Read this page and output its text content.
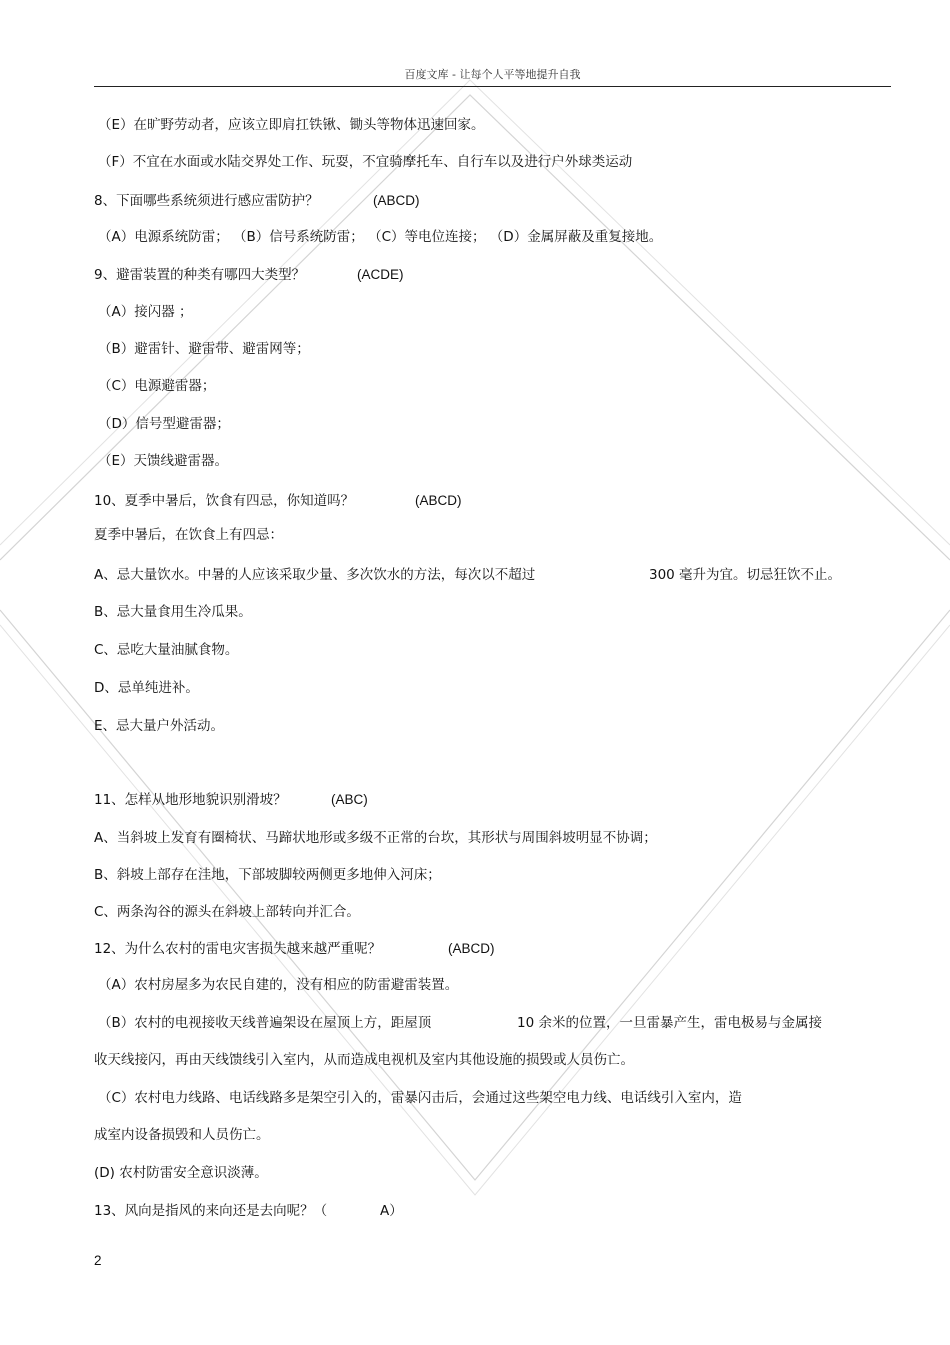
百度文库 - 让每个人平等地提升自我
（E）在旷野劳动者，应该立即肩扛铁锹、锄头等物体迅速回家。
（F）不宜在水面或水陆交界处工作、玩耍，不宜骑摩托车、自行车以及进行户外球类运动
8、下面哪些系统须进行感应雷防护？	(ABCD)
（A）电源系统防雷； （B）信号系统防雷； （C）等电位连接； （D）金属屏蔽及重复接地。
9、避雷装置的种类有哪四大类型？	(ACDE)
（A）接闪器 ；
（B）避雷针、避雷带、避雷网等；
（C）电源避雷器；
（D）信号型避雷器；
（E）天馈线避雷器。
10、夏季中暑后，饮食有四忌，你知道吗？	(ABCD)
夏季中暑后，在饮食上有四忌：
A、忌大量饮水。中暑的人应该采取少量、多次饮水的方法，每次以不超过	300 毫升为宜。切忌狂饮不止。
B、忌大量食用生冷瓜果。
C、忌吃大量油腻食物。
D、忌单纯进补。
E、忌大量户外活动。
11、怎样从地形地貌识别滑坡？	(ABC)
A、当斜坡上发育有圈椅状、马蹄状地形或多级不正常的台坎，其形状与周围斜坡明显不协调；
B、斜坡上部存在洼地，下部坡脚较两侧更多地伸入河床；
C、两条沟谷的源头在斜坡上部转向并汇合。
12、为什么农村的雷电灾害损失越来越严重呢？	(ABCD)
（A）农村房屋多为农民自建的，没有相应的防雷避雷装置。
（B）农村的电视接收天线普遍架设在屋顶上方，距屋顶	10 余米的位置，一旦雷暴产生，雷电极易与金属接
收天线接闪，再由天线馈线引入室内，从而造成电视机及室内其他设施的损毁或人员伤亡。
（C）农村电力线路、电话线路多是架空引入的，雷暴闪击后，会通过这些架空电力线、电话线引入室内，造
成室内设备损毁和人员伤亡。
(D) 农村防雷安全意识淡薄。
13、风向是指风的来向还是去向呢？（	A）
2
